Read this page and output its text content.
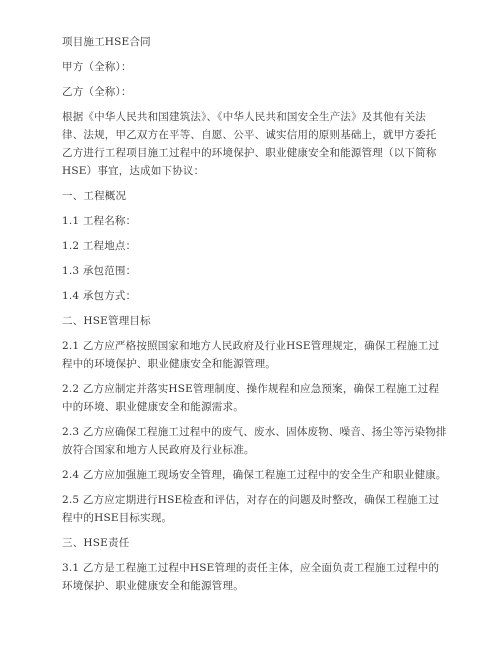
项目施工HSE合同

甲方（全称）：

乙方（全称）：

根据《中华人民共和国建筑法》、《中华人民共和国安全生产法》及其他有关法律、法规，甲乙双方在平等、自愿、公平、诚实信用的原则基础上，就甲方委托乙方进行工程项目施工过程中的环境保护、职业健康安全和能源管理（以下简称HSE）事宜，达成如下协议：

一、工程概况

1.1 工程名称：

1.2 工程地点：

1.3 承包范围：

1.4 承包方式：

二、HSE管理目标

2.1 乙方应严格按照国家和地方人民政府及行业HSE管理规定，确保工程施工过程中的环境保护、职业健康安全和能源管理。

2.2 乙方应制定并落实HSE管理制度、操作规程和应急预案，确保工程施工过程中的环境、职业健康安全和能源需求。

2.3 乙方应确保工程施工过程中的废气、废水、固体废物、噪音、扬尘等污染物排放符合国家和地方人民政府及行业标准。

2.4 乙方应加强施工现场安全管理，确保工程施工过程中的安全生产和职业健康。

2.5 乙方应定期进行HSE检查和评估，对存在的问题及时整改，确保工程施工过程中的HSE目标实现。

三、HSE责任

3.1 乙方是工程施工过程中HSE管理的责任主体，应全面负责工程施工过程中的环境保护、职业健康安全和能源管理。
